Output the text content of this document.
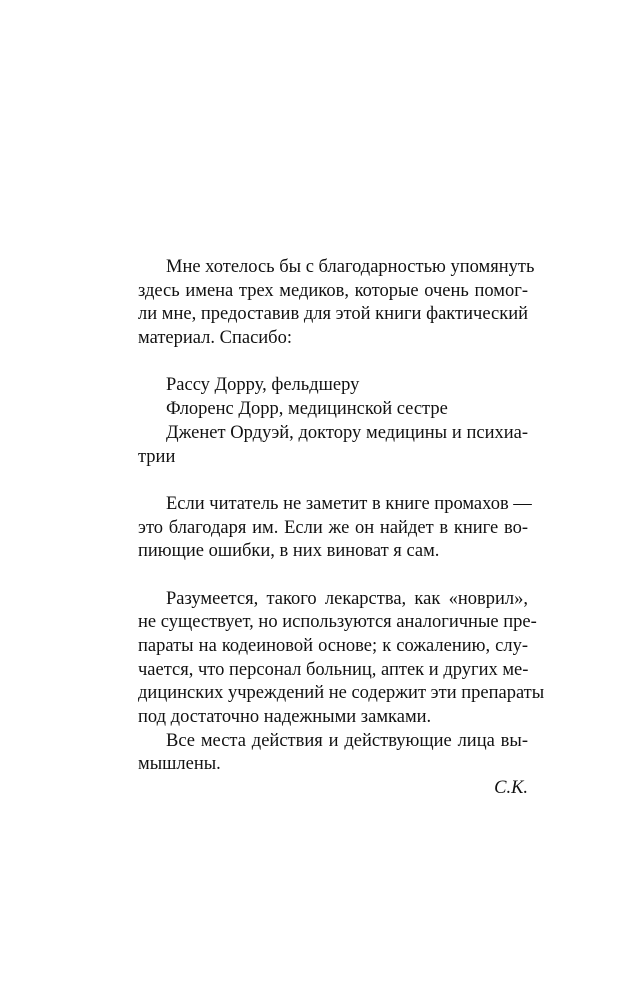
Мне хотелось бы с благодарностью упомянуть
здесь имена трех медиков, которые очень помог-
ли мне, предоставив для этой книги фактический
материал. Спасибо:
Рассу Дорру, фельдшеру
Флоренс Дорр, медицинской сестре
Дженет Ордуэй, доктору медицины и психиа-
трии
Если читатель не заметит в книге промахов —
это благодаря им. Если же он найдет в книге во-
пиющие ошибки, в них виноват я сам.
Разумеется, такого лекарства, как «новрил»,
не существует, но используются аналогичные пре-
параты на кодеиновой основе; к сожалению, слу-
чается, что персонал больниц, аптек и других ме-
дицинских учреждений не содержит эти препараты
под достаточно надежными замками.
Все места действия и действующие лица вы-
мышлены.
С.К.
